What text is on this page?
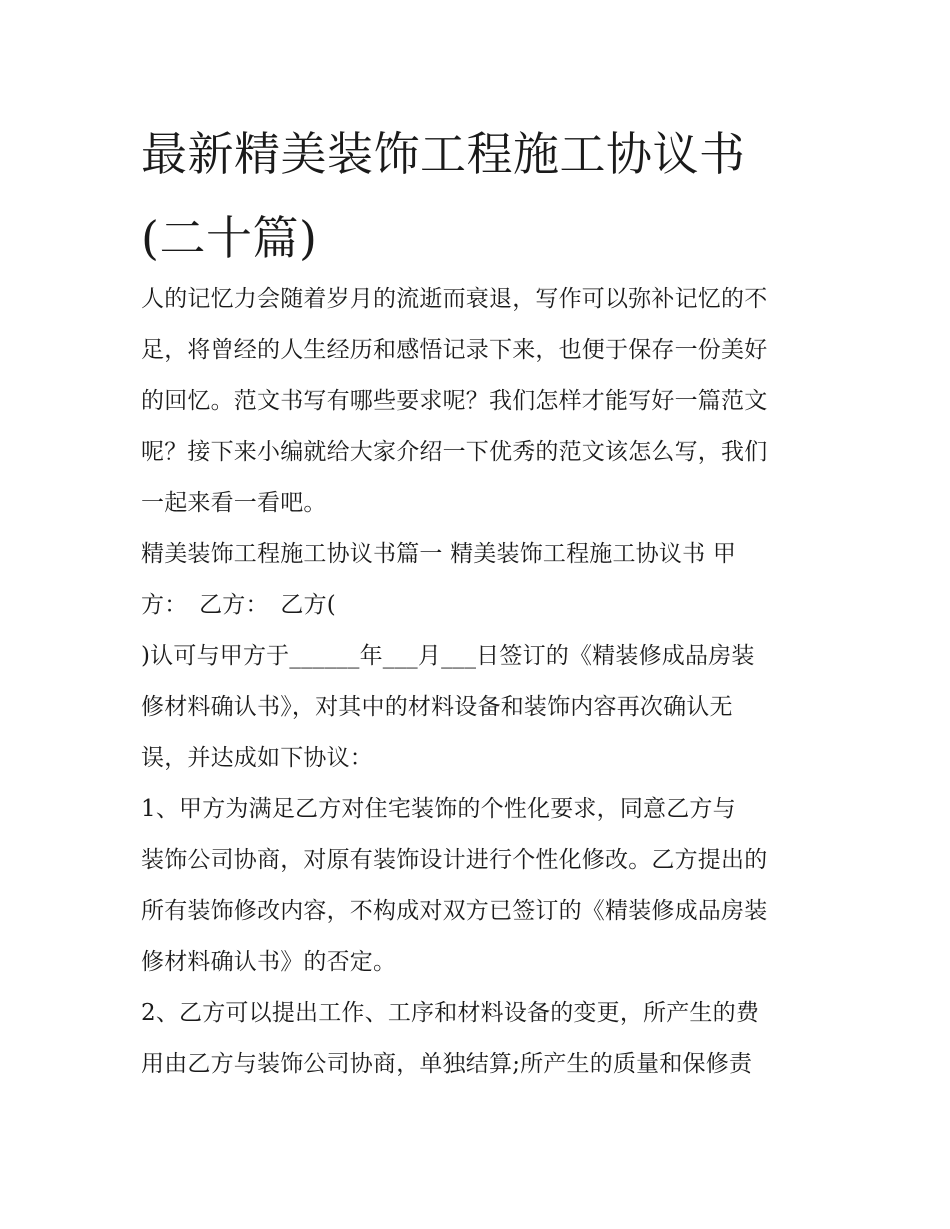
最新精美装饰工程施工协议书
(二十篇)
人的记忆力会随着岁月的流逝而衰退，写作可以弥补记忆的不
足，将曾经的人生经历和感悟记录下来，也便于保存一份美好
的回忆。范文书写有哪些要求呢？我们怎样才能写好一篇范文
呢？接下来小编就给大家介绍一下优秀的范文该怎么写，我们
一起来看一看吧。
精美装饰工程施工协议书篇一 精美装饰工程施工协议书 甲
方：　乙方：　乙方(
)认可与甲方于______年___月___日签订的《精装修成品房装
修材料确认书》，对其中的材料设备和装饰内容再次确认无
误，并达成如下协议：
1、甲方为满足乙方对住宅装饰的个性化要求，同意乙方与
装饰公司协商，对原有装饰设计进行个性化修改。乙方提出的
所有装饰修改内容，不构成对双方已签订的《精装修成品房装
修材料确认书》的否定。
2、乙方可以提出工作、工序和材料设备的变更，所产生的费
用由乙方与装饰公司协商，单独结算;所产生的质量和保修责
